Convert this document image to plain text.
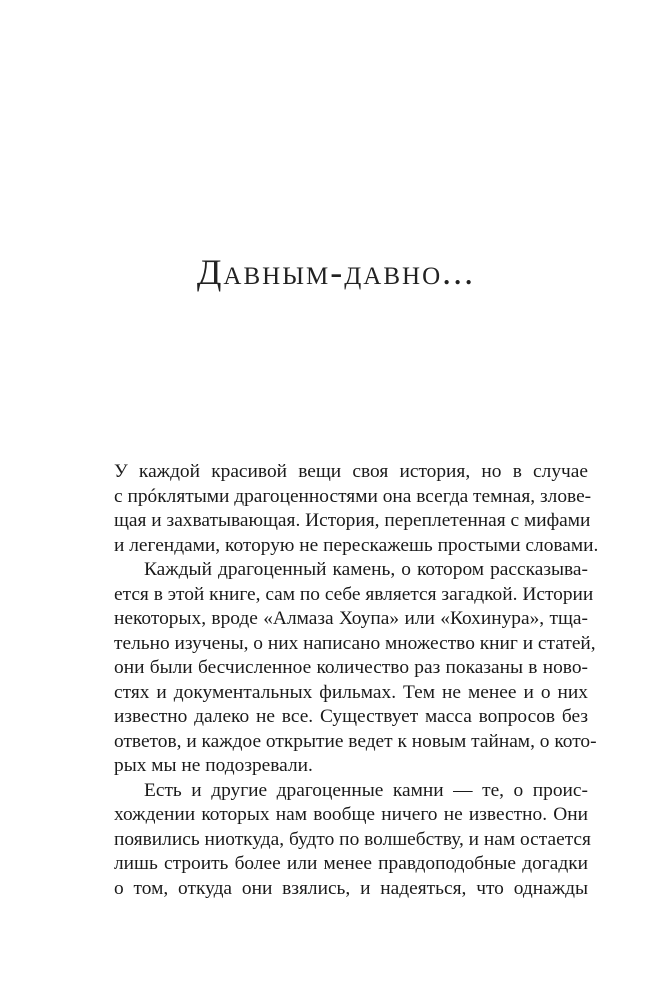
Давным-давно...

У каждой красивой вещи своя история, но в случае
с прóклятыми драгоценностями она всегда темная, злове-
щая и захватывающая. История, переплетенная с мифами
и легендами, которую не перескажешь простыми словами.

Каждый драгоценный камень, о котором рассказыва-
ется в этой книге, сам по себе является загадкой. Истории
некоторых, вроде «Алмаза Хоупа» или «Кохинура», тща-
тельно изучены, о них написано множество книг и статей,
они были бесчисленное количество раз показаны в ново-
стях и документальных фильмах. Тем не менее и о них
известно далеко не все. Существует масса вопросов без
ответов, и каждое открытие ведет к новым тайнам, о кото-
рых мы не подозревали.

Есть и другие драгоценные камни — те, о проис-
хождении которых нам вообще ничего не известно. Они
появились ниоткуда, будто по волшебству, и нам остается
лишь строить более или менее правдоподобные догадки
о том, откуда они взялись, и надеяться, что однажды
